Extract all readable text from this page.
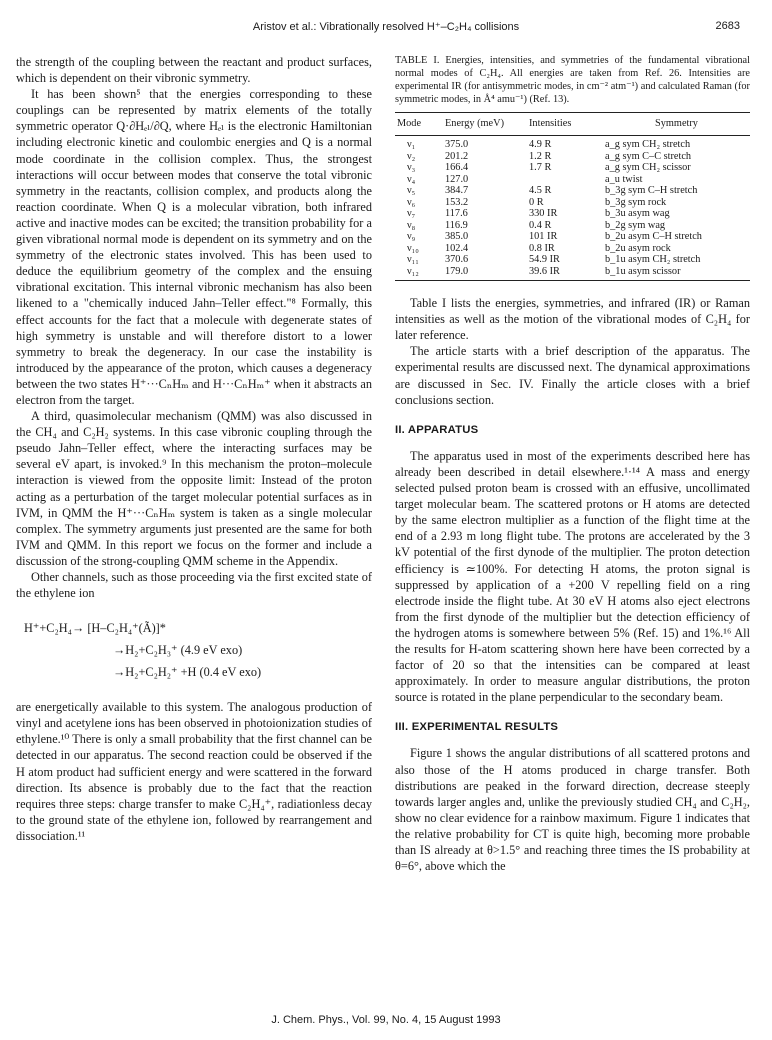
Aristov et al.: Vibrationally resolved H⁺–C₂H₄ collisions	2683

the strength of the coupling between the reactant and product surfaces, which is dependent on their vibronic symmetry.

It has been shown⁵ that the energies corresponding to these couplings can be represented by matrix elements of the totally symmetric operator Q·∂Hₑₗ/∂Q, where Hₑₗ is the electronic Hamiltonian including electronic kinetic and coulombic energies and Q is a normal mode coordinate in the collision complex. Thus, the strongest interactions will occur between modes that conserve the total vibronic symmetry in the reactants, collision complex, and products along the reaction coordinate. When Q is a molecular vibration, both infrared active and inactive modes can be excited; the transition probability for a given vibrational normal mode is dependent on its symmetry and on the symmetry of the electronic states involved. This has been used to deduce the equilibrium geometry of the complex and the ensuing vibrational excitation. This internal vibronic mechanism has also been likened to a "chemically induced Jahn–Teller effect."⁸ Formally, this effect accounts for the fact that a molecule with degenerate states of high symmetry is unstable and will therefore distort to a lower symmetry to break the degeneracy. In our case the instability is introduced by the appearance of the proton, which causes a degeneracy between the two states H⁺···CₙHₘ and H···CₙHₘ⁺ when it abstracts an electron from the target.

A third, quasimolecular mechanism (QMM) was also discussed in the CH₄ and C₂H₂ systems. In this case vibronic coupling through the pseudo Jahn–Teller effect, where the interacting surfaces may be several eV apart, is invoked.⁹ In this mechanism the proton–molecule interaction is viewed from the opposite limit: Instead of the proton acting as a perturbation of the target molecular potential surfaces as in IVM, in QMM the H⁺···CₙHₘ system is taken as a single molecular complex. The symmetry arguments just presented are the same for both IVM and QMM. In this report we focus on the former and include a discussion of the strong-coupling QMM scheme in the Appendix.

Other channels, such as those proceeding via the first excited state of the ethylene ion

H⁺+C₂H₄→ [H–C₂H₄⁺(Ã)]*
→H₂+C₂H₃⁺ (4.9 eV exo)
→H₂+C₂H₂⁺ +H (0.4 eV exo)

are energetically available to this system. The analogous production of vinyl and acetylene ions has been observed in photoionization studies of ethylene.¹⁰ There is only a small probability that the first channel can be detected in our apparatus. The second reaction could be observed if the H atom product had sufficient energy and were scattered in the forward direction. Its absence is probably due to the fact that the reaction requires three steps: charge transfer to make C₂H₄⁺, radiationless decay to the ground state of the ethylene ion, followed by rearrangement and dissociation.¹¹

TABLE I. Energies, intensities, and symmetries of the fundamental vibrational normal modes of C₂H₄. All energies are taken from Ref. 26. Intensities are experimental IR (for antisymmetric modes, in cm⁻² atm⁻¹) and calculated Raman (for symmetric modes, in Å⁴ amu⁻¹) (Ref. 13).
Mode	Energy (meV)	Intensities	Symmetry
ν₁	375.0	4.9 R	a_g sym CH₂ stretch
ν₂	201.2	1.2 R	a_g sym C–C stretch
ν₃	166.4	1.7 R	a_g sym CH₂ scissor
ν₄	127.0		a_u twist
ν₅	384.7	4.5 R	b_3g sym C–H stretch
ν₆	153.2	0 R	b_3g sym rock
ν₇	117.6	330 IR	b_3u asym wag
ν₈	116.9	0.4 R	b_2g sym wag
ν₉	385.0	101 IR	b_2u asym C–H stretch
ν₁₀	102.4	0.8 IR	b_2u asym rock
ν₁₁	370.6	54.9 IR	b_1u asym CH₂ stretch
ν₁₂	179.0	39.6 IR	b_1u asym scissor

Table I lists the energies, symmetries, and infrared (IR) or Raman intensities as well as the motion of the vibrational modes of C₂H₄ for later reference.

The article starts with a brief description of the apparatus. The experimental results are discussed next. The dynamical approximations are discussed in Sec. IV. Finally the article closes with a brief conclusions section.

II. APPARATUS

The apparatus used in most of the experiments described here has already been described in detail elsewhere.¹·¹⁴ A mass and energy selected pulsed proton beam is crossed with an effusive, uncollimated target molecular beam. The scattered protons or H atoms are detected by the same electron multiplier as a function of the flight time at the end of a 2.93 m long flight tube. The protons are accelerated by the 3 kV potential of the first dynode of the multiplier. The proton detection efficiency is ≃100%. For detecting H atoms, the proton signal is suppressed by application of a +200 V repelling field on a ring electrode inside the flight tube. At 30 eV H atoms also eject electrons from the first dynode of the multiplier but the detection efficiency of the hydrogen atoms is somewhere between 5% (Ref. 15) and 1%.¹⁶ All the results for H-atom scattering shown here have been corrected by a factor of 20 so that the intensities can be compared at least approximately. In order to measure angular distributions, the proton source is rotated in the plane perpendicular to the secondary beam.

III. EXPERIMENTAL RESULTS

Figure 1 shows the angular distributions of all scattered protons and also those of the H atoms produced in charge transfer. Both distributions are peaked in the forward direction, decrease steeply towards larger angles and, unlike the previously studied CH₄ and C₂H₂, show no clear evidence for a rainbow maximum. Figure 1 indicates that the relative probability for CT is quite high, becoming more probable than IS already at θ>1.5° and reaching three times the IS probability at θ=6°, above which the

J. Chem. Phys., Vol. 99, No. 4, 15 August 1993
